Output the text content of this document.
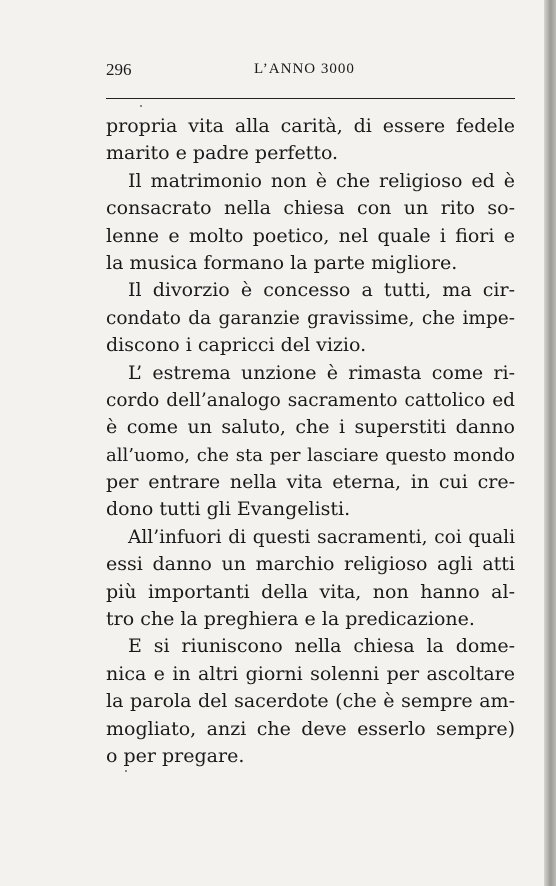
296	L’ANNO 3000
propria vita alla carità, di essere fedele
marito e padre perfetto.
Il matrimonio non è che religioso ed è
consacrato nella chiesa con un rito so-
lenne e molto poetico, nel quale i fiori e
la musica formano la parte migliore.
Il divorzio è concesso a tutti, ma cir-
condato da garanzie gravissime, che impe-
discono i capricci del vizio.
L’ estrema unzione è rimasta come ri-
cordo dell’analogo sacramento cattolico ed
è come un saluto, che i superstiti danno
all’uomo, che sta per lasciare questo mondo
per entrare nella vita eterna, in cui cre-
dono tutti gli Evangelisti.
All’infuori di questi sacramenti, coi quali
essi danno un marchio religioso agli atti
più importanti della vita, non hanno al-
tro che la preghiera e la predicazione.
E si riuniscono nella chiesa la dome-
nica e in altri giorni solenni per ascoltare
la parola del sacerdote (che è sempre am-
mogliato, anzi che deve esserlo sempre)
o per pregare.
